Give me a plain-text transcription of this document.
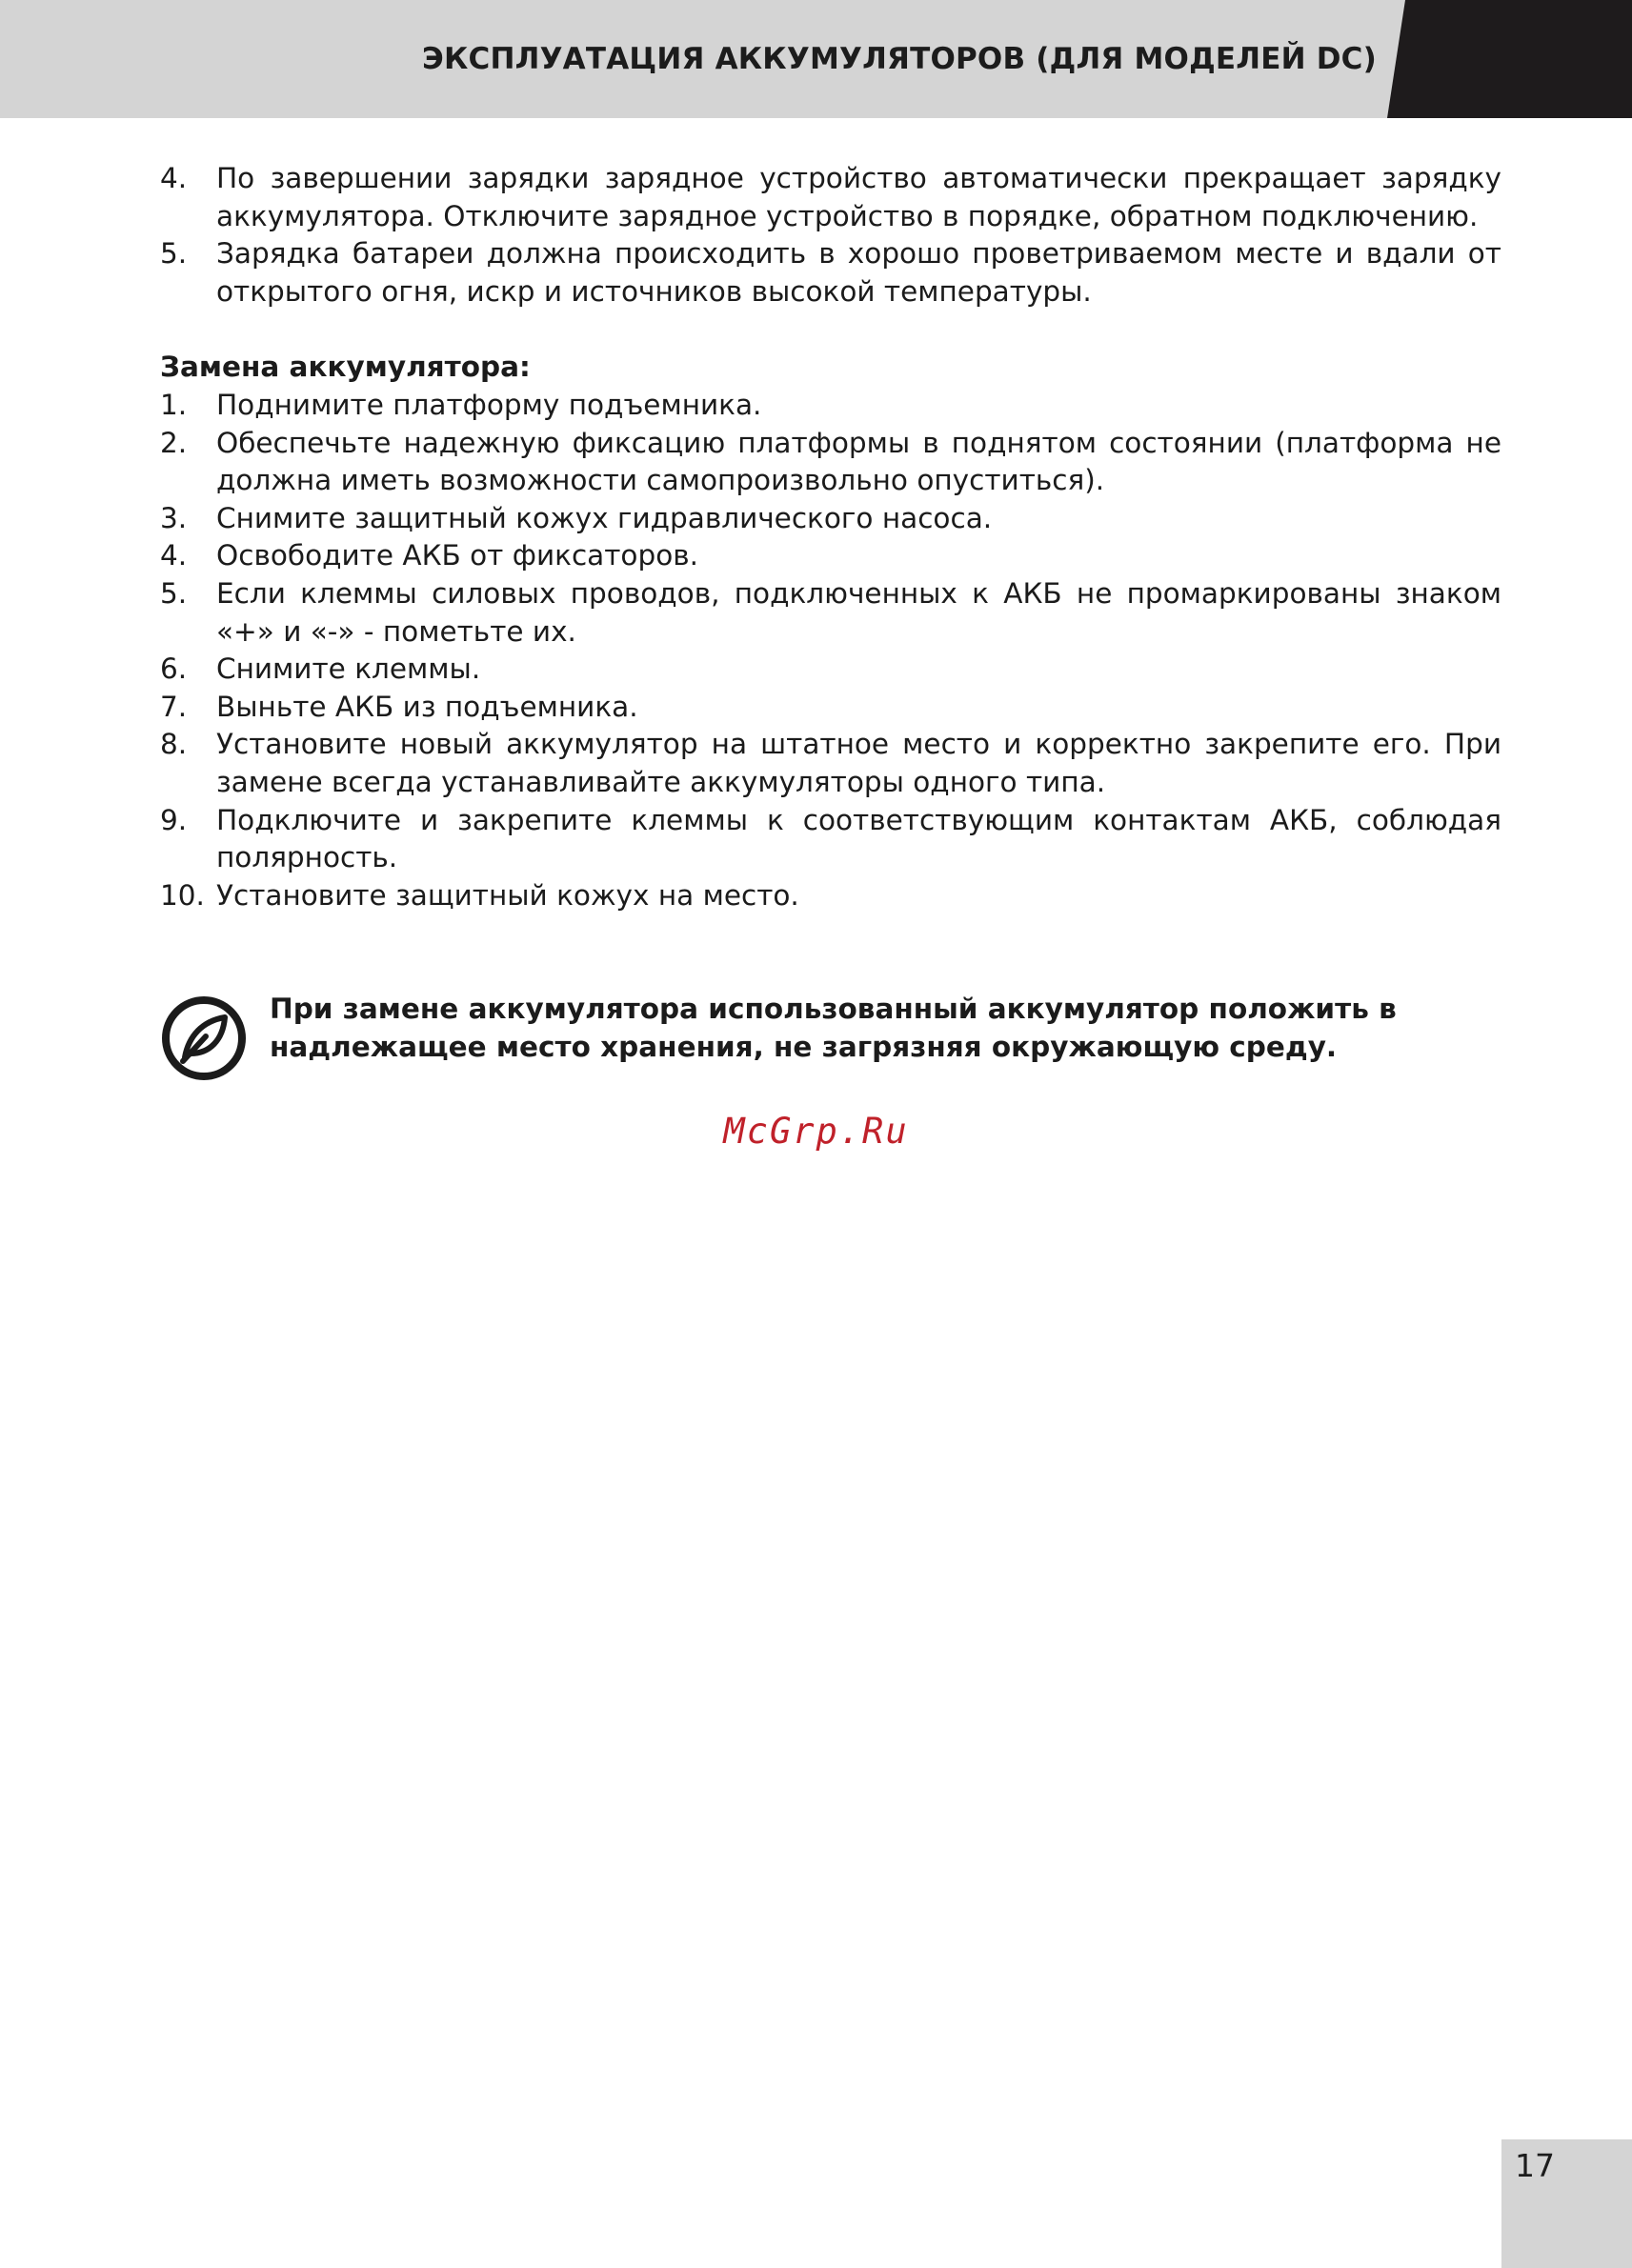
ЭКСПЛУАТАЦИЯ АККУМУЛЯТОРОВ (ДЛЯ МОДЕЛЕЙ DC)
4. По завершении зарядки зарядное устройство автоматически прекращает зарядку аккумулятора. Отключите зарядное устройство в порядке, обратном подключению.
5. Зарядка батареи должна происходить в хорошо проветриваемом месте и вдали от открытого огня, искр и источников высокой температуры.
Замена аккумулятора:
1. Поднимите платформу подъемника.
2. Обеспечьте надежную фиксацию платформы в поднятом состоянии (платформа не должна иметь возможности самопроизвольно опуститься).
3. Снимите защитный кожух гидравлического насоса.
4. Освободите АКБ от фиксаторов.
5. Если клеммы силовых проводов, подключенных к АКБ не промаркированы знаком «+» и «-» - пометьте их.
6. Снимите клеммы.
7. Выньте АКБ из подъемника.
8. Установите новый аккумулятор на штатное место и корректно закрепите его. При замене всегда устанавливайте аккумуляторы одного типа.
9. Подключите и закрепите клеммы к соответствующим контактам АКБ, соблюдая полярность.
10. Установите защитный кожух на место.
При замене аккумулятора использованный аккумулятор положить в надлежащее место хранения, не загрязняя окружающую среду.
McGrp.Ru
17
